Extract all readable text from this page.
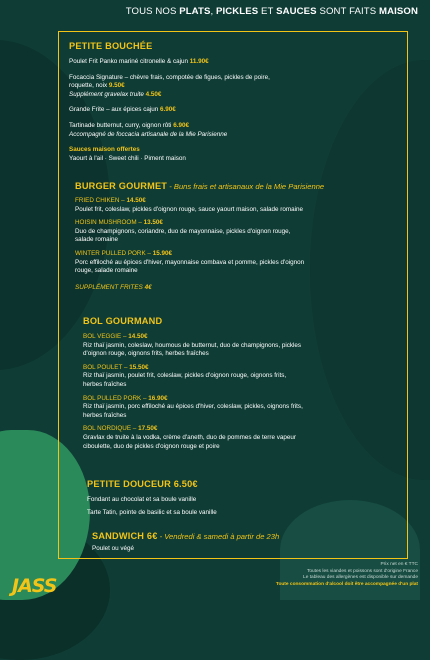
TOUS NOS PLATS, PICKLES ET SAUCES SONT FAITS MAISON
PETITE BOUCHÉE
Poulet Frit Panko mariné citronelle & cajun 11.90€
Focaccia Signature – chèvre frais, compotée de figues, pickles de poire,
roquette, noix 9.50€
Supplément gravelax truite 4.50€
Grande Frite – aux épices cajun 6.90€
Tartinade butternut, curry, oignon rôti 6.90€
Accompagné de foccacia artisanale de la Mie Parisienne
Sauces maison offertes
Yaourt à l'ail · Sweet chili · Piment maison
BURGER GOURMET - Buns frais et artisanaux de la Mie Parisienne
FRIED CHIKEN – 14.50€
Poulet frit, coleslaw, pickles d'oignon rouge, sauce yaourt maison, salade romaine
HOISIN MUSHROOM – 13.50€
Duo de champignons, coriandre, duo de mayonnaise, pickles d'oignon rouge,
salade romaine
WINTER PULLED PORK – 15.90€
Porc effiloché au épices d'hiver, mayonnaise combava et pomme, pickles d'oignon
rouge, salade romaine
SUPPLÉMENT FRITES 4€
BOL GOURMAND
BOL VEGGIE – 14.50€
Riz thaï jasmin, coleslaw, houmous de butternut, duo de champignons, pickles
d'oignon rouge, oignons frits, herbes fraîches
BOL POULET – 15.50€
Riz thaï jasmin, poulet frit, coleslaw, pickles d'oignon rouge, oignons frits,
herbes fraîches
BOL PULLED PORK – 16.90€
Riz thaï jasmin, porc effiloché au épices d'hiver, coleslaw, pickles, oignons frits,
herbes fraîches
BOL NORDIQUE – 17.50€
Gravlax de truite à la vodka, crème d'aneth, duo de pommes de terre vapeur
ciboulette, duo de pickles d'oignon rouge et poire
PETITE DOUCEUR 6.50€
Fondant au chocolat et sa boule vanille
Tarte Tatin, pointe de basilic et sa boule vanille
SANDWICH 6€ - Vendredi & samedi à partir de 23h
Poulet ou végé
JASS
Prix net en € TTC
Toutes les viandes et poissons sont d'origine France
Le tableau des allergènes est disponible sur demande
Toute consommation d'alcool doit être accompagnée d'un plat
